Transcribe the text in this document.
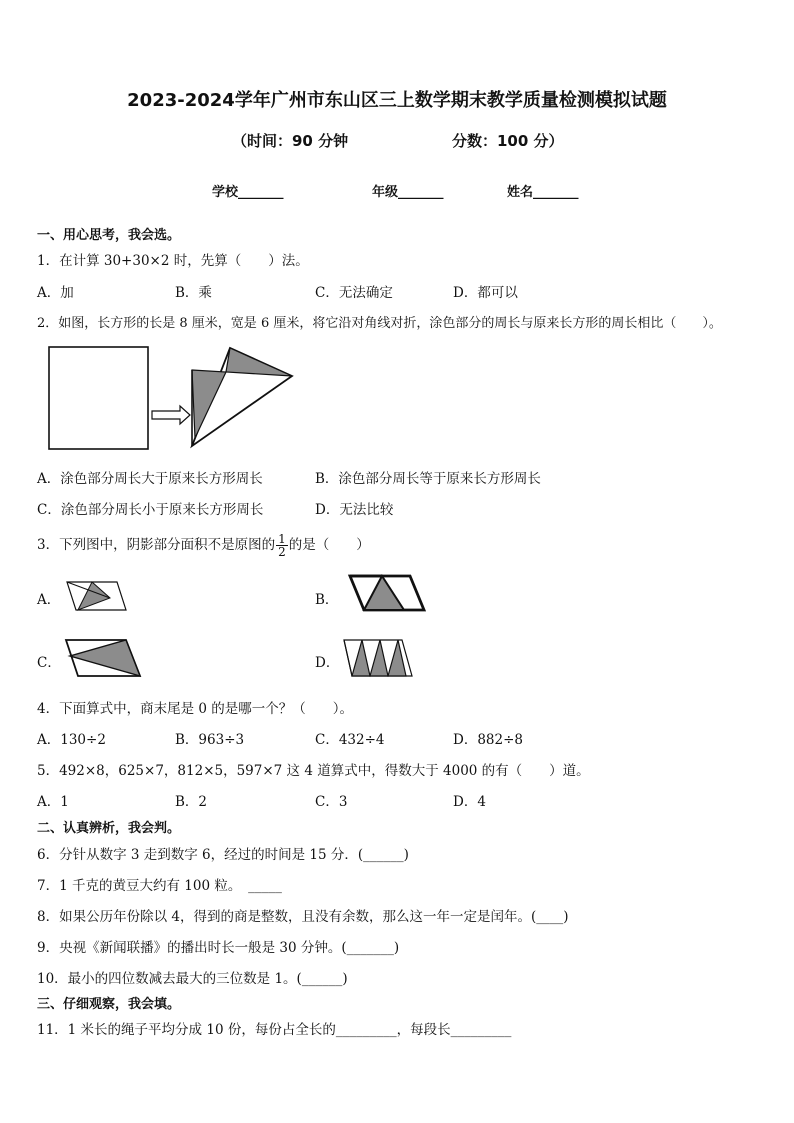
2023-2024学年广州市东山区三上数学期末教学质量检测模拟试题
（时间：90 分钟	分数：100 分）
学校_______	年级_______	姓名_______
一、用心思考，我会选。
1．在计算 30+30×2 时，先算（　　）法。
A．加	B．乘	C．无法确定	D．都可以
2．如图，长方形的长是 8 厘米，宽是 6 厘米，将它沿对角线对折，涂色部分的周长与原来长方形的周长相比（　　）。
A．涂色部分周长大于原来长方形周长	B．涂色部分周长等于原来长方形周长
C．涂色部分周长小于原来长方形周长	D．无法比较
3．下列图中，阴影部分面积不是原图的 $\frac{1}{2}$ 的是（　　）
A．	B．
C．	D．
4．下面算式中，商末尾是 0 的是哪一个？（　　）。
A．130÷2	B．963÷3	C．432÷4	D．882÷8
5．492×8，625×7，812×5，597×7 这 4 道算式中，得数大于 4000 的有（　　）道。
A．1	B．2	C．3	D．4
二、认真辨析，我会判。
6．分针从数字 3 走到数字 6，经过的时间是 15 分．(______)
7．1 千克的黄豆大约有 100 粒。　_____
8．如果公历年份除以 4，得到的商是整数，且没有余数，那么这一年一定是闰年。(____)
9．央视《新闻联播》的播出时长一般是 30 分钟。(_______)
10．最小的四位数减去最大的三位数是 1。(______)
三、仔细观察，我会填。
11．1 米长的绳子平均分成 10 份，每份占全长的_________，每段长_________
